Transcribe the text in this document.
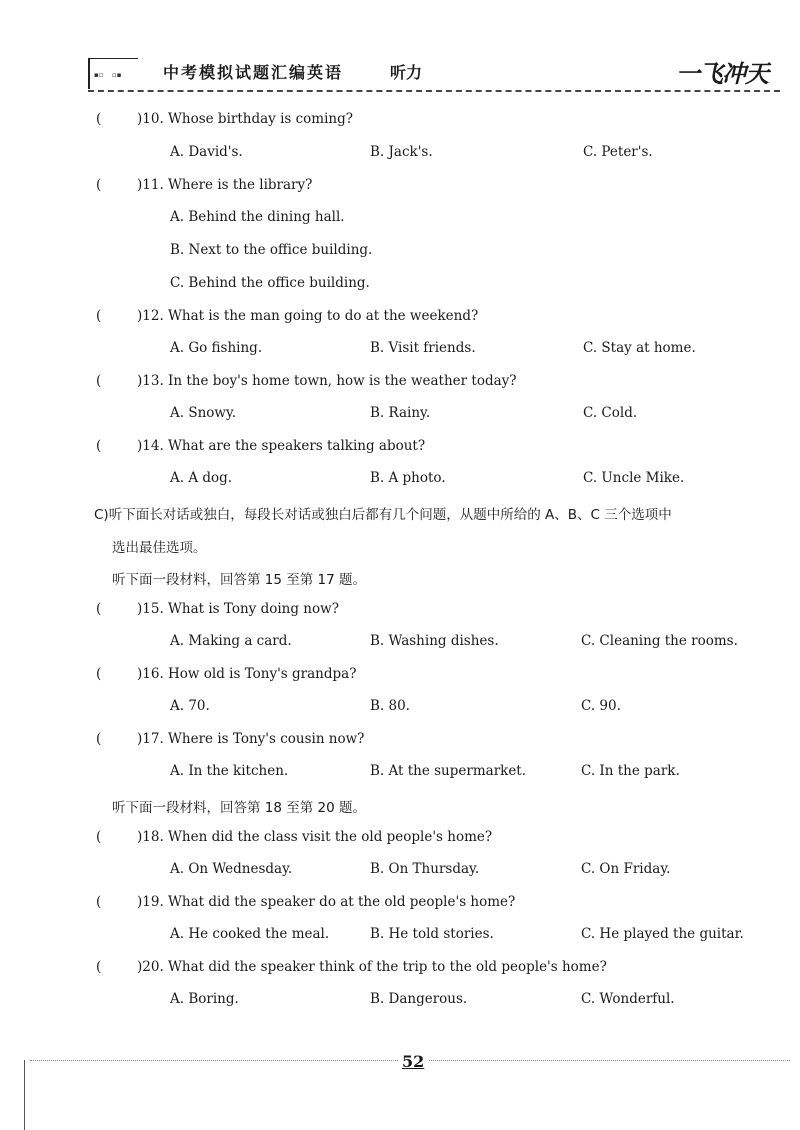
▪▫ ▫▪	中考模拟试题汇编英语	听力	一飞冲天
(	)10. Whose birthday is coming?
A. David's.	B. Jack's.	C. Peter's.
(	)11. Where is the library?
A. Behind the dining hall.
B. Next to the office building.
C. Behind the office building.
(	)12. What is the man going to do at the weekend?
A. Go fishing.	B. Visit friends.	C. Stay at home.
(	)13. In the boy's home town, how is the weather today?
A. Snowy.	B. Rainy.	C. Cold.
(	)14. What are the speakers talking about?
A. A dog.	B. A photo.	C. Uncle Mike.
C)听下面长对话或独白，每段长对话或独白后都有几个问题，从题中所给的 A、B、C 三个选项中
选出最佳选项。
听下面一段材料，回答第 15 至第 17 题。
(	)15. What is Tony doing now?
A. Making a card.	B. Washing dishes.	C. Cleaning the rooms.
(	)16. How old is Tony's grandpa?
A. 70.	B. 80.	C. 90.
(	)17. Where is Tony's cousin now?
A. In the kitchen.	B. At the supermarket.	C. In the park.
听下面一段材料，回答第 18 至第 20 题。
(	)18. When did the class visit the old people's home?
A. On Wednesday.	B. On Thursday.	C. On Friday.
(	)19. What did the speaker do at the old people's home?
A. He cooked the meal.	B. He told stories.	C. He played the guitar.
(	)20. What did the speaker think of the trip to the old people's home?
A. Boring.	B. Dangerous.	C. Wonderful.
52
